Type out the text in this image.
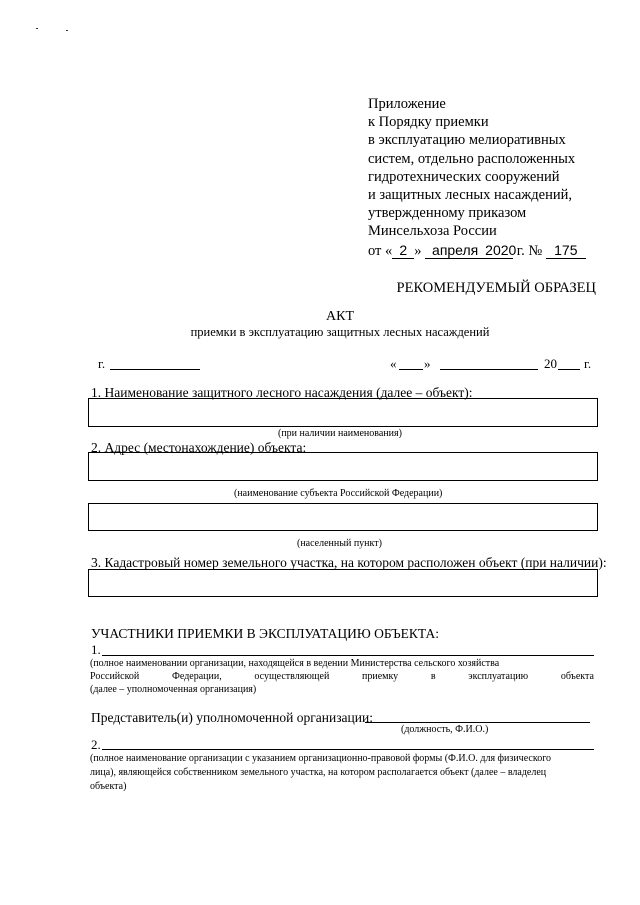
Приложение
к Порядку приемки
в эксплуатацию мелиоративных
систем, отдельно расположенных
гидротехнических сооружений
и защитных лесных насаждений,
утвержденному приказом
Минсельхоза России
от « 2 » апреля 2020 г. № 175
РЕКОМЕНДУЕМЫЙ ОБРАЗЕЦ
АКТ
приемки в эксплуатацию защитных лесных насаждений
г.	« »	20 г.
1. Наименование защитного лесного насаждения (далее – объект):
(при наличии наименования)
2. Адрес (местонахождение) объекта:
(наименование субъекта Российской Федерации)
(населенный пункт)
3. Кадастровый номер земельного участка, на котором расположен объект (при наличии):
УЧАСТНИКИ ПРИЕМКИ В ЭКСПЛУАТАЦИЮ ОБЪЕКТА:
1.
(полное наименовании организации, находящейся в ведении Министерства сельского хозяйства
Российской	Федерации,	осуществляющей	приемку	в	эксплуатацию	объекта
(далее – уполномоченная организация)
Представитель(и) уполномоченной организации:
(должность, Ф.И.О.)
2.
(полное наименование организации с указанием организационно-правовой формы (Ф.И.О. для физического
лица), являющейся собственником земельного участка, на котором располагается объект (далее – владелец
объекта)
